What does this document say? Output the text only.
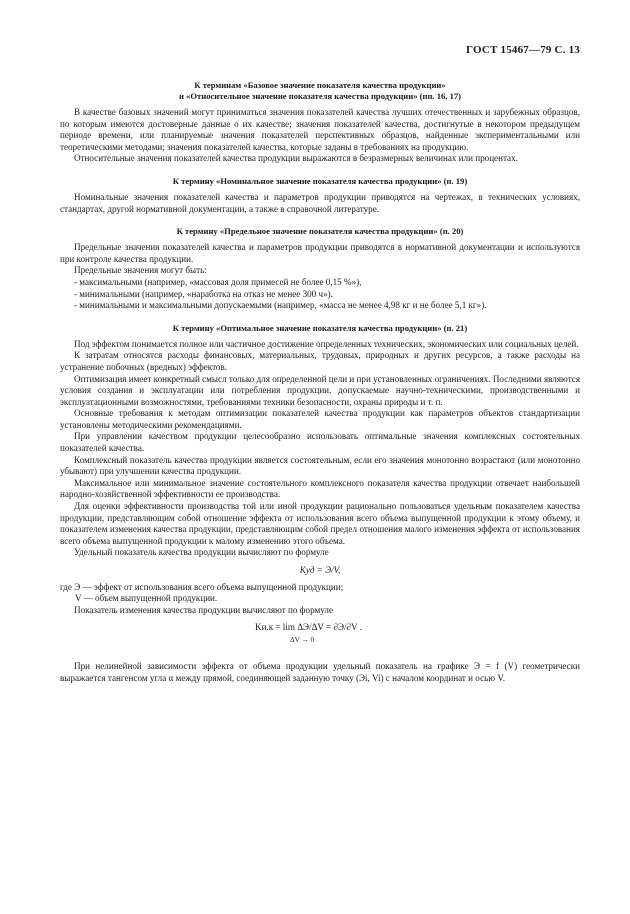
ГОСТ 15467—79 С. 13
К терминам «Базовое значение показателя качества продукции»
и «Относительное значение показателя качества продукции» (пп. 16, 17)

В качестве базовых значений могут приниматься значения показателей качества лучших отечественных и зарубежных образцов, по которым имеются достоверные данные о их качестве; значения показателей качества, достигнутые в некотором предыдущем периоде времени, или планируемые значения показателей перспективных образцов, найденные экспериментальными или теоретическими методами; значения показателей качества, которые заданы в требованиях на продукцию.

Относительные значения показателей качества продукции выражаются в безразмерных величинах или процентах.

К термину «Номинальное значение показателя качества продукции» (п. 19)

Номинальные значения показателей качества и параметров продукции приводятся на чертежах, в технических условиях, стандартах, другой нормативной документации, а также в справочной литературе.

К термину «Предельное значение показателя качества продукции» (п. 20)

Предельные значения показателей качества и параметров продукции приводятся в нормативной документации и используются при контроле качества продукции.

Предельные значения могут быть:

- максимальными (например, «массовая доля примесей не более 0,15 %»),

- минимальными (например, «наработка на отказ не менее 300 ч»).

- минимальными и максимальными допускаемыми (например, «масса не менее 4,98 кг и не более 5,1 кг»).

К термину «Оптимальное значение показателя качества продукции» (п. 21)

Под эффектом понимается полное или частичное достижение определенных технических, экономических или социальных целей.

К затратам относятся расходы финансовых, материальных, трудовых, природных и других ресурсов, а также расходы на устранение побочных (вредных) эффектов.

Оптимизация имеет конкретный смысл только для определенной цели и при установленных ограничениях. Последними являются условия создания и эксплуатации или потребления продукции, допускаемые научно-техническими, производственными и эксплуатационными возможностями, требованиями техники безопасности, охраны природы и т. п.

Основные требования к методам оптимизации показателей качества продукции как параметров объектов стандартизации установлены методическими рекомендациями.

При управлении качеством продукции целесообразно использовать оптимальные значения комплексных состоятельных показателей качества.

Комплексный показатель качества продукции является состоятельным, если его значения монотонно возрастают (или монотонно убывают) при улучшении качества продукции.

Максимальное или минимальное значение состоятельного комплексного показателя качества продукции отвечает наибольшей народно-хозяйственной эффективности ее производства.

Для оценки эффективности производства той или иной продукции рационально пользоваться удельным показателем качества продукции, представляющим собой отношение эффекта от использования всего объема выпущенной продукции к этому объему, и показателем изменения качества продукции, представляющим собой предел отношения малого изменения эффекта от использования всего объема выпущенной продукции к малому изменению этого объема.

Удельный показатель качества продукции вычисляют по формуле

Kуд = Э/V,

где Э — эффект от использования всего объема выпущенной продукции;

V — объем выпущенной продукции.

Показатель изменения качества продукции вычисляют по формуле

Kи.к = lim ΔЭ/ΔV = ∂Э/∂V .
ΔV → 0

При нелинейной зависимости эффекта от объема продукции удельный показатель на графике Э = f (V) геометрически выражается тангенсом угла α между прямой, соединяющей заданную точку (Эi, Vi) с началом координат и осью V.
